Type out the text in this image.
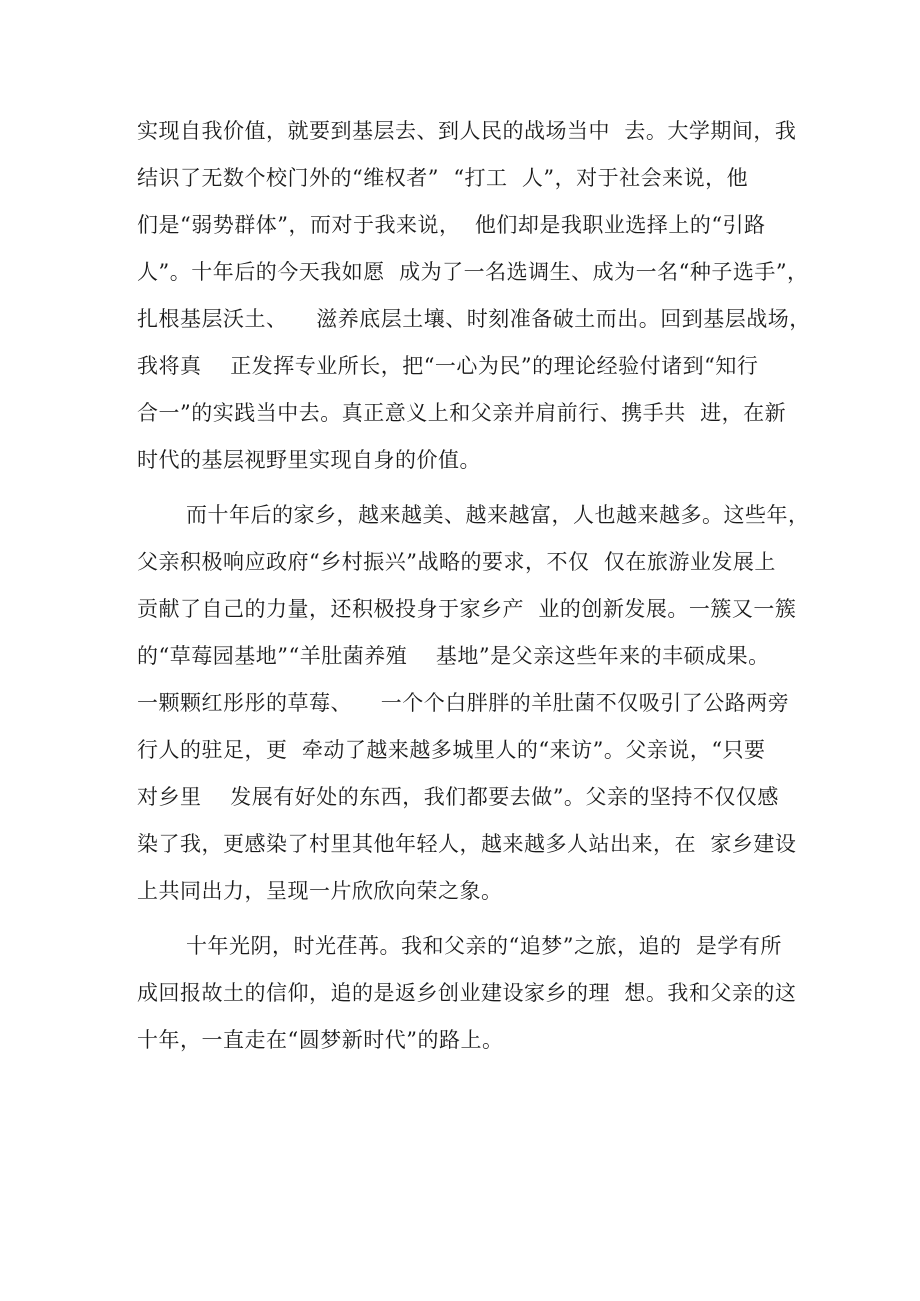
实现自我价值，就要到基层去、到人民的战场当中  去。大学期间，我
结识了无数个校门外的“维权者”  “打工  人”，对于社会来说，他
们是“弱势群体”，而对于我来说，  他们却是我职业选择上的“引路
人”。十年后的今天我如愿  成为了一名选调生、成为一名“种子选手”，
扎根基层沃土、    滋养底层土壤、时刻准备破土而出。回到基层战场，
我将真    正发挥专业所长，把“一心为民”的理论经验付诸到“知行
合一”的实践当中去。真正意义上和父亲并肩前行、携手共  进，在新
时代的基层视野里实现自身的价值。
而十年后的家乡，越来越美、越来越富，人也越来越多。这些年，
父亲积极响应政府“乡村振兴”战略的要求，不仅  仅在旅游业发展上
贡献了自己的力量，还积极投身于家乡产  业的创新发展。一簇又一簇
的“草莓园基地”“羊肚菌养殖    基地”是父亲这些年来的丰硕成果。
一颗颗红彤彤的草莓、    一个个白胖胖的羊肚菌不仅吸引了公路两旁
行人的驻足，更  牵动了越来越多城里人的“来访”。父亲说，“只要
对乡里    发展有好处的东西，我们都要去做”。父亲的坚持不仅仅感
染了我，更感染了村里其他年轻人，越来越多人站出来，在  家乡建设
上共同出力，呈现一片欣欣向荣之象。
十年光阴，时光荏苒。我和父亲的“追梦”之旅，追的  是学有所
成回报故土的信仰，追的是返乡创业建设家乡的理  想。我和父亲的这
十年，一直走在“圆梦新时代”的路上。
